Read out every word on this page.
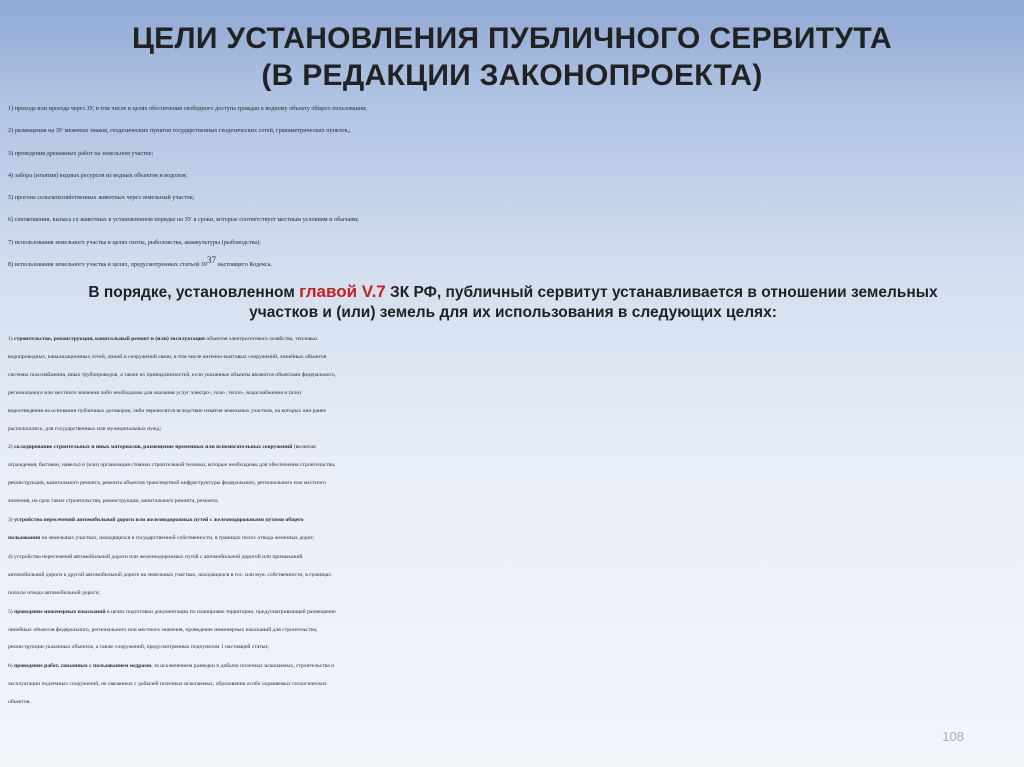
ЦЕЛИ УСТАНОВЛЕНИЯ ПУБЛИЧНОГО СЕРВИТУТА
(В РЕДАКЦИИ ЗАКОНОПРОЕКТА)
1) прохода или проезда через ЗУ, в том числе в целях обеспечения свободного доступа граждан к водному объекту общего пользования;
2) размещения на ЗУ межевых знаков, геодезических пунктов государственных геодезических сетей, гравиметрических пунктов,;
3) проведения дренажных работ на земельном участке;
4) забора (изъятия) водных ресурсов из водных объектов и водопоя;
5) прогона сельскохозяйственных животных через земельный участок;
6) сенокошения, выпаса сх животных в установленном порядке на ЗУ в сроки, которые соответствует местным условиям и обычаям;
7) использования земельного участка в целях охоты, рыболовства, аквакультуры (рыбоводства);
8) использования земельного участка в целях, предусмотренных статьей $39^{37}$ настоящего Кодекса.
В порядке, установленном главой V.7 ЗК РФ, публичный сервитут устанавливается в отношении земельных
участков и (или) земель для их использования в следующих целях:
1) строительство, реконструкция, капитальный ремонт и (или) эксплуатация объектов электросетевого хозяйства, тепловых
водопроводных, канализационных сетей, линий и сооружений связи, в том числе антенно-мачтовых сооружений, линейных объектов
системы газоснабжения, иных трубопроводов, а также их принадлежностей, если указанные объекты являются объектами федерального,
регионального или местного значения либо необходимы для оказания услуг электро-, газо-, тепло-, водоснабжения и (или)
водоотведения на основании публичных договоров, либо переносятся вследствие изъятия земельных участков, на которых они ранее
располагались, для государственных или муниципальных нужд;
2) складирование строительных и иных материалов, размещение временных или вспомогательных сооружений (включая
ограждения, бытовки, навесы) и (или) организация стоянки строительной техники, которые необходимы для обеспечения строительства,
реконструкции, капитального ремонта, ремонта объектов транспортной инфраструктуры федерального, регионального или местного
значения, на срок таких строительства, реконструкции, капитального ремонта, ремонта;
3) устройство пересечений автомобильной дороги или железнодорожных путей с железнодорожными путями общего
пользования на земельных участках, находящихся в государственной собственности, в границах полос отвода железных дорог;
4) устройство пересечений автомобильной дороги или железнодорожных путей с автомобильной дорогой или примыканий
автомобильной дороги к другой автомобильной дороге на земельных участках, находящихся в гос. или мун. собственности, в границах
полосы отвода автомобильной дороги;
5) проведение инженерных изысканий в целях подготовки документации по планировке территории, предусматривающей размещение
линейных объектов федерального, регионального или местного значения, проведение инженерных изысканий для строительства,
реконструкции указанных объектов, а также сооружений, предусмотренных подпунктом 1 настоящей статьи;
6) проведение работ, связанных с пользованием недрами, за исключением разведки и добычи полезных ископаемых, строительства и
эксплуатации подземных сооружений, не связанных с добычей полезных ископаемых, образования особо охраняемых геологических
объектов.
108
